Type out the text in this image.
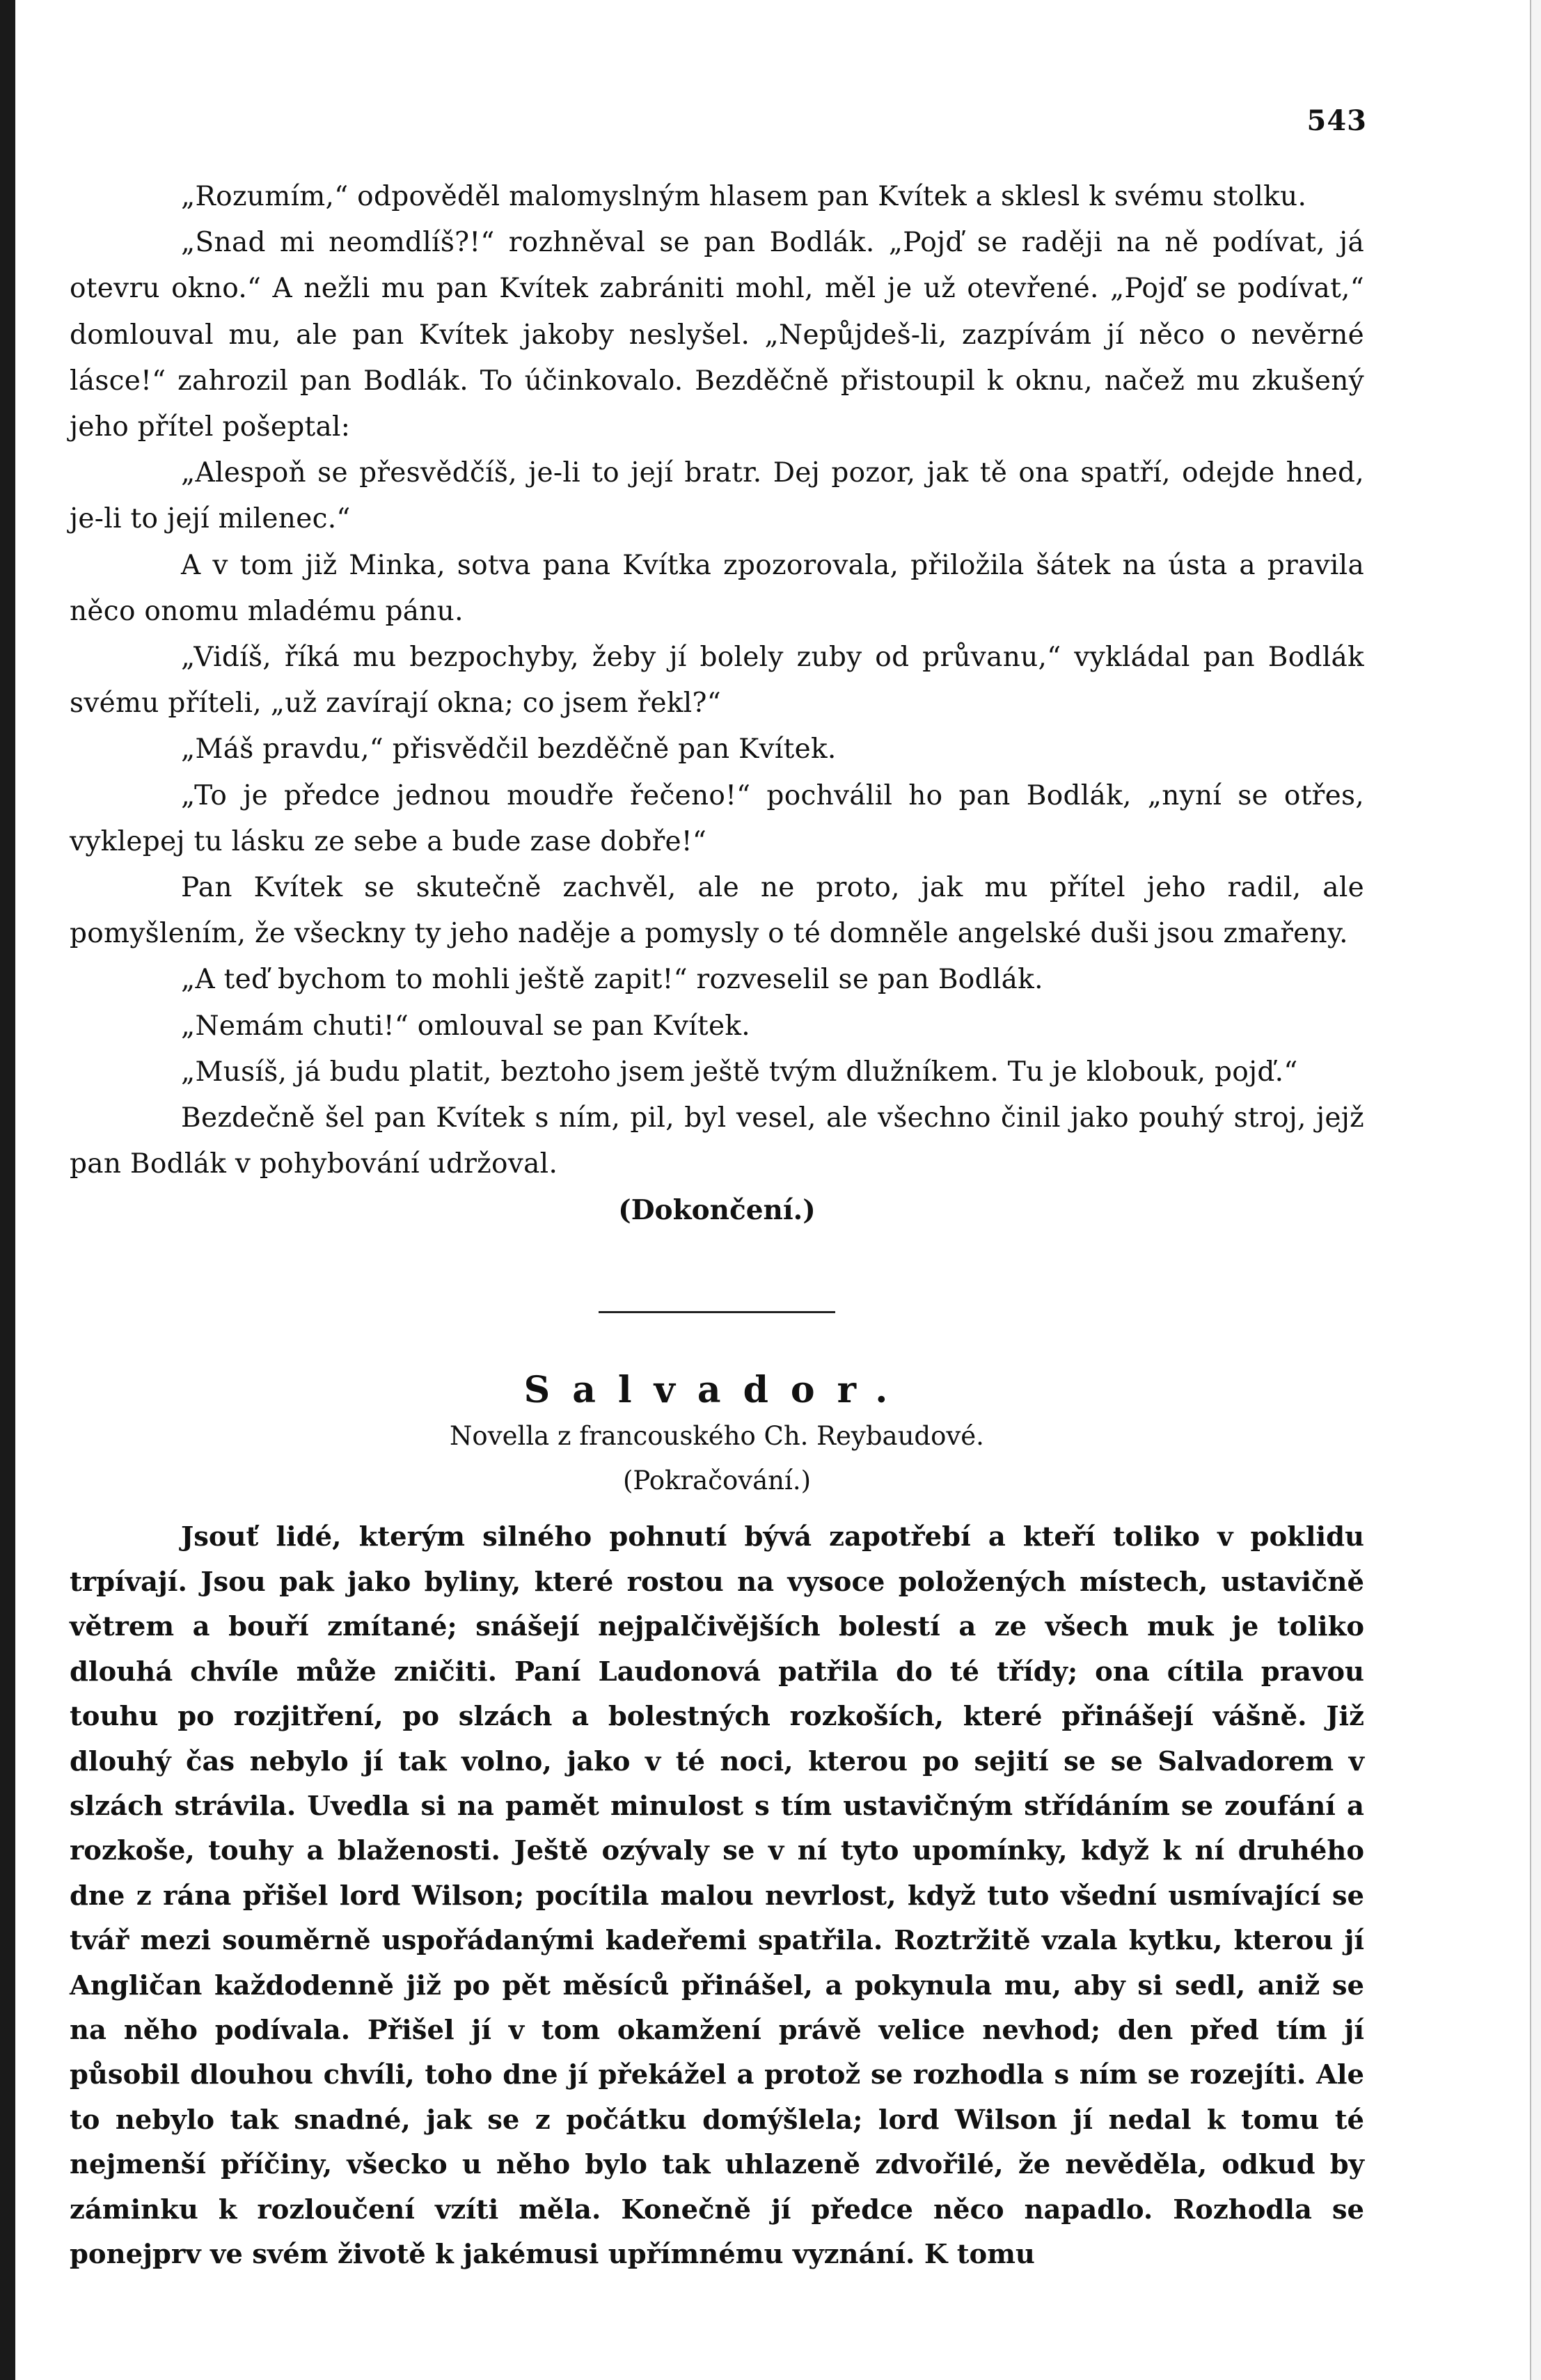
543

„Rozumím,“ odpověděl malomyslným hlasem pan Kvítek a sklesl k svému stolku.

„Snad mi neomdlíš?!“ rozhněval se pan Bodlák. „Pojď se raději na ně podívat, já otevru okno.“ A nežli mu pan Kvítek zabrániti mohl, měl je už otevřené. „Pojď se podívat,“ domlouval mu, ale pan Kvítek jakoby neslyšel. „Nepůjdeš-li, zazpívám jí něco o nevěrné lásce!“ zahrozil pan Bodlák. To účinkovalo. Bezděčně přistoupil k oknu, načež mu zkušený jeho přítel pošeptal:

„Alespoň se přesvědčíš, je-li to její bratr. Dej pozor, jak tě ona spatří, odejde hned, je-li to její milenec.“

A v tom již Minka, sotva pana Kvítka zpozorovala, přiložila šátek na ústa a pravila něco onomu mladému pánu.

„Vidíš, říká mu bezpochyby, žeby jí bolely zuby od průvanu,“ vykládal pan Bodlák svému příteli, „už zavírají okna; co jsem řekl?“

„Máš pravdu,“ přisvědčil bezděčně pan Kvítek.

„To je předce jednou moudře řečeno!“ pochválil ho pan Bodlák, „nyní se otřes, vyklepej tu lásku ze sebe a bude zase dobře!“

Pan Kvítek se skutečně zachvěl, ale ne proto, jak mu přítel jeho radil, ale pomyšlením, že všeckny ty jeho naděje a pomysly o té domněle angelské duši jsou zmařeny.

„A teď bychom to mohli ještě zapit!“ rozveselil se pan Bodlák.

„Nemám chuti!“ omlouval se pan Kvítek.

„Musíš, já budu platit, beztoho jsem ještě tvým dlužníkem. Tu je klobouk, pojď.“

Bezdečně šel pan Kvítek s ním, pil, byl vesel, ale všechno činil jako pouhý stroj, jejž pan Bodlák v pohybování udržoval.

(Dokončení.)

Salvador.

Novella z francouského Ch. Reybaudové.

(Pokračování.)

Jsouť lidé, kterým silného pohnutí bývá zapotřebí a kteří toliko v poklidu trpívají. Jsou pak jako byliny, které rostou na vysoce položených místech, ustavičně větrem a bouří zmítané; snášejí nejpalčivějších bolestí a ze všech muk je toliko dlouhá chvíle může zničiti. Paní Laudonová patřila do té třídy; ona cítila pravou touhu po rozjitření, po slzách a bolestných rozkoších, které přinášejí vášně. Již dlouhý čas nebylo jí tak volno, jako v té noci, kterou po sejití se se Salvadorem v slzách strávila. Uvedla si na pamět minulost s tím ustavičným střídáním se zoufání a rozkoše, touhy a blaženosti. Ještě ozývaly se v ní tyto upomínky, když k ní druhého dne z rána přišel lord Wilson; pocítila malou nevrlost, když tuto všední usmívající se tvář mezi souměrně uspořádanými kadeřemi spatřila. Roztržitě vzala kytku, kterou jí Angličan každodenně již po pět měsíců přinášel, a pokynula mu, aby si sedl, aniž se na něho podívala. Přišel jí v tom okamžení právě velice nevhod; den před tím jí působil dlouhou chvíli, toho dne jí překážel a protož se rozhodla s ním se rozejíti. Ale to nebylo tak snadné, jak se z počátku domýšlela; lord Wilson jí nedal k tomu té nejmenší příčiny, všecko u něho bylo tak uhlazeně zdvořilé, že nevěděla, odkud by záminku k rozloučení vzíti měla. Konečně jí předce něco napadlo. Rozhodla se ponejprv ve svém životě k jakémusi upřímnému vyznání. K tomu
